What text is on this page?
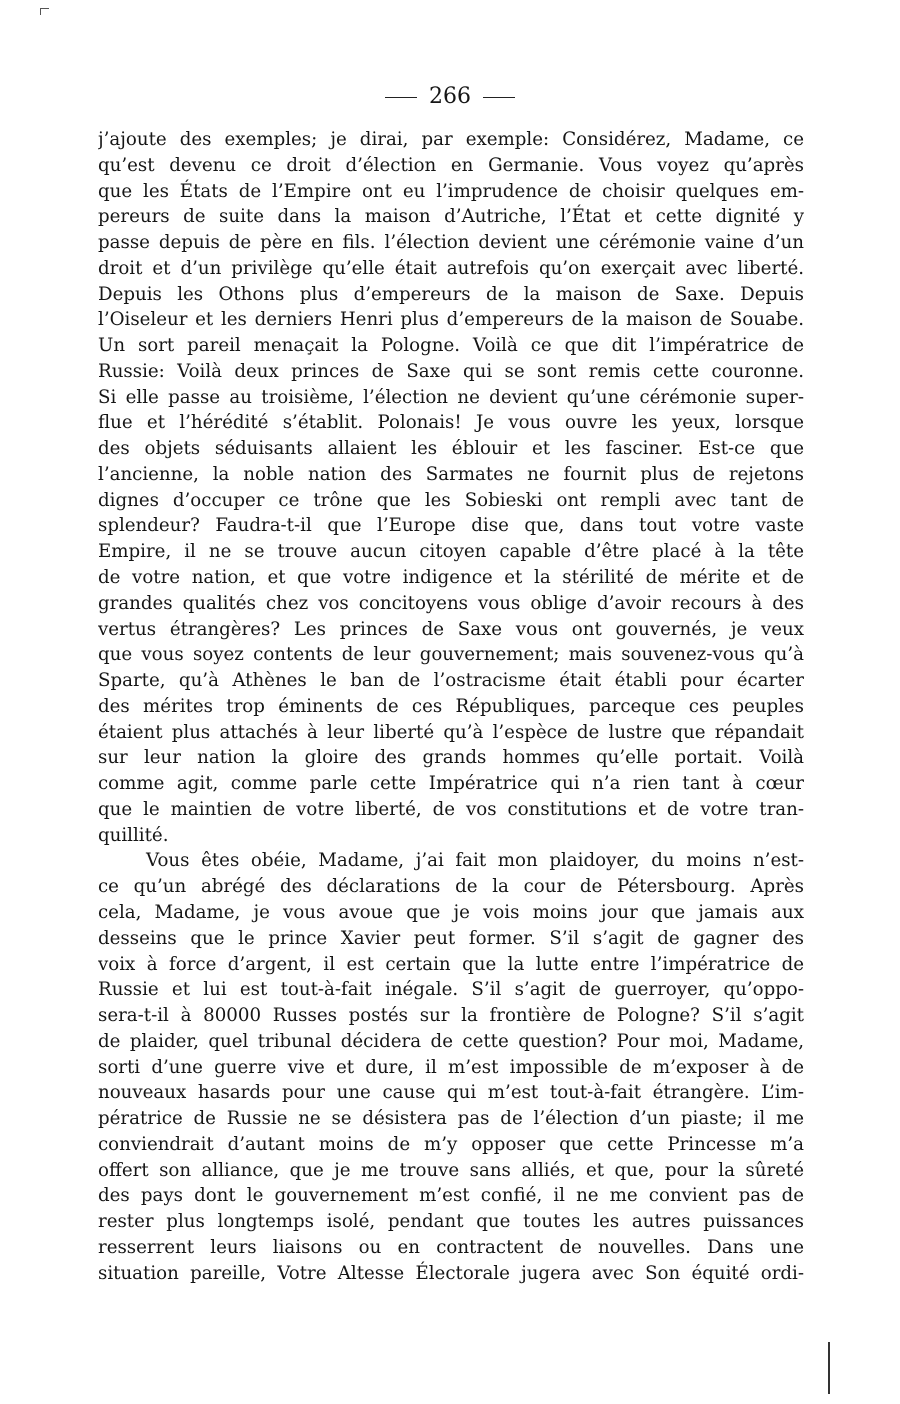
266
j’ajoute des exemples; je dirai, par exemple: Considérez, Madame, ce
qu’est devenu ce droit d’élection en Germanie. Vous voyez qu’après
que les États de l’Empire ont eu l’imprudence de choisir quelques em-
pereurs de suite dans la maison d’Autriche, l’État et cette dignité y
passe depuis de père en fils. l’élection devient une cérémonie vaine d’un
droit et d’un privilège qu’elle était autrefois qu’on exerçait avec liberté.
Depuis les Othons plus d’empereurs de la maison de Saxe. Depuis
l’Oiseleur et les derniers Henri plus d’empereurs de la maison de Souabe.
Un sort pareil menaçait la Pologne. Voilà ce que dit l’impératrice de
Russie: Voilà deux princes de Saxe qui se sont remis cette couronne.
Si elle passe au troisième, l’élection ne devient qu’une cérémonie super-
flue et l’hérédité s’établit. Polonais! Je vous ouvre les yeux, lorsque
des objets séduisants allaient les éblouir et les fasciner. Est-ce que
l’ancienne, la noble nation des Sarmates ne fournit plus de rejetons
dignes d’occuper ce trône que les Sobieski ont rempli avec tant de
splendeur? Faudra-t-il que l’Europe dise que, dans tout votre vaste
Empire, il ne se trouve aucun citoyen capable d’être placé à la tête
de votre nation, et que votre indigence et la stérilité de mérite et de
grandes qualités chez vos concitoyens vous oblige d’avoir recours à des
vertus étrangères? Les princes de Saxe vous ont gouvernés, je veux
que vous soyez contents de leur gouvernement; mais souvenez-vous qu’à
Sparte, qu’à Athènes le ban de l’ostracisme était établi pour écarter
des mérites trop éminents de ces Républiques, parceque ces peuples
étaient plus attachés à leur liberté qu’à l’espèce de lustre que répandait
sur leur nation la gloire des grands hommes qu’elle portait. Voilà
comme agit, comme parle cette Impératrice qui n’a rien tant à cœur
que le maintien de votre liberté, de vos constitutions et de votre tran-
quillité.
Vous êtes obéie, Madame, j’ai fait mon plaidoyer, du moins n’est-
ce qu’un abrégé des déclarations de la cour de Pétersbourg. Après
cela, Madame, je vous avoue que je vois moins jour que jamais aux
desseins que le prince Xavier peut former. S’il s’agit de gagner des
voix à force d’argent, il est certain que la lutte entre l’impératrice de
Russie et lui est tout-à-fait inégale. S’il s’agit de guerroyer, qu’oppo-
sera-t-il à 80000 Russes postés sur la frontière de Pologne? S’il s’agit
de plaider, quel tribunal décidera de cette question? Pour moi, Madame,
sorti d’une guerre vive et dure, il m’est impossible de m’exposer à de
nouveaux hasards pour une cause qui m’est tout-à-fait étrangère. L’im-
pératrice de Russie ne se désistera pas de l’élection d’un piaste; il me
conviendrait d’autant moins de m’y opposer que cette Princesse m’a
offert son alliance, que je me trouve sans alliés, et que, pour la sûreté
des pays dont le gouvernement m’est confié, il ne me convient pas de
rester plus longtemps isolé, pendant que toutes les autres puissances
resserrent leurs liaisons ou en contractent de nouvelles. Dans une
situation pareille, Votre Altesse Électorale jugera avec Son équité ordi-
